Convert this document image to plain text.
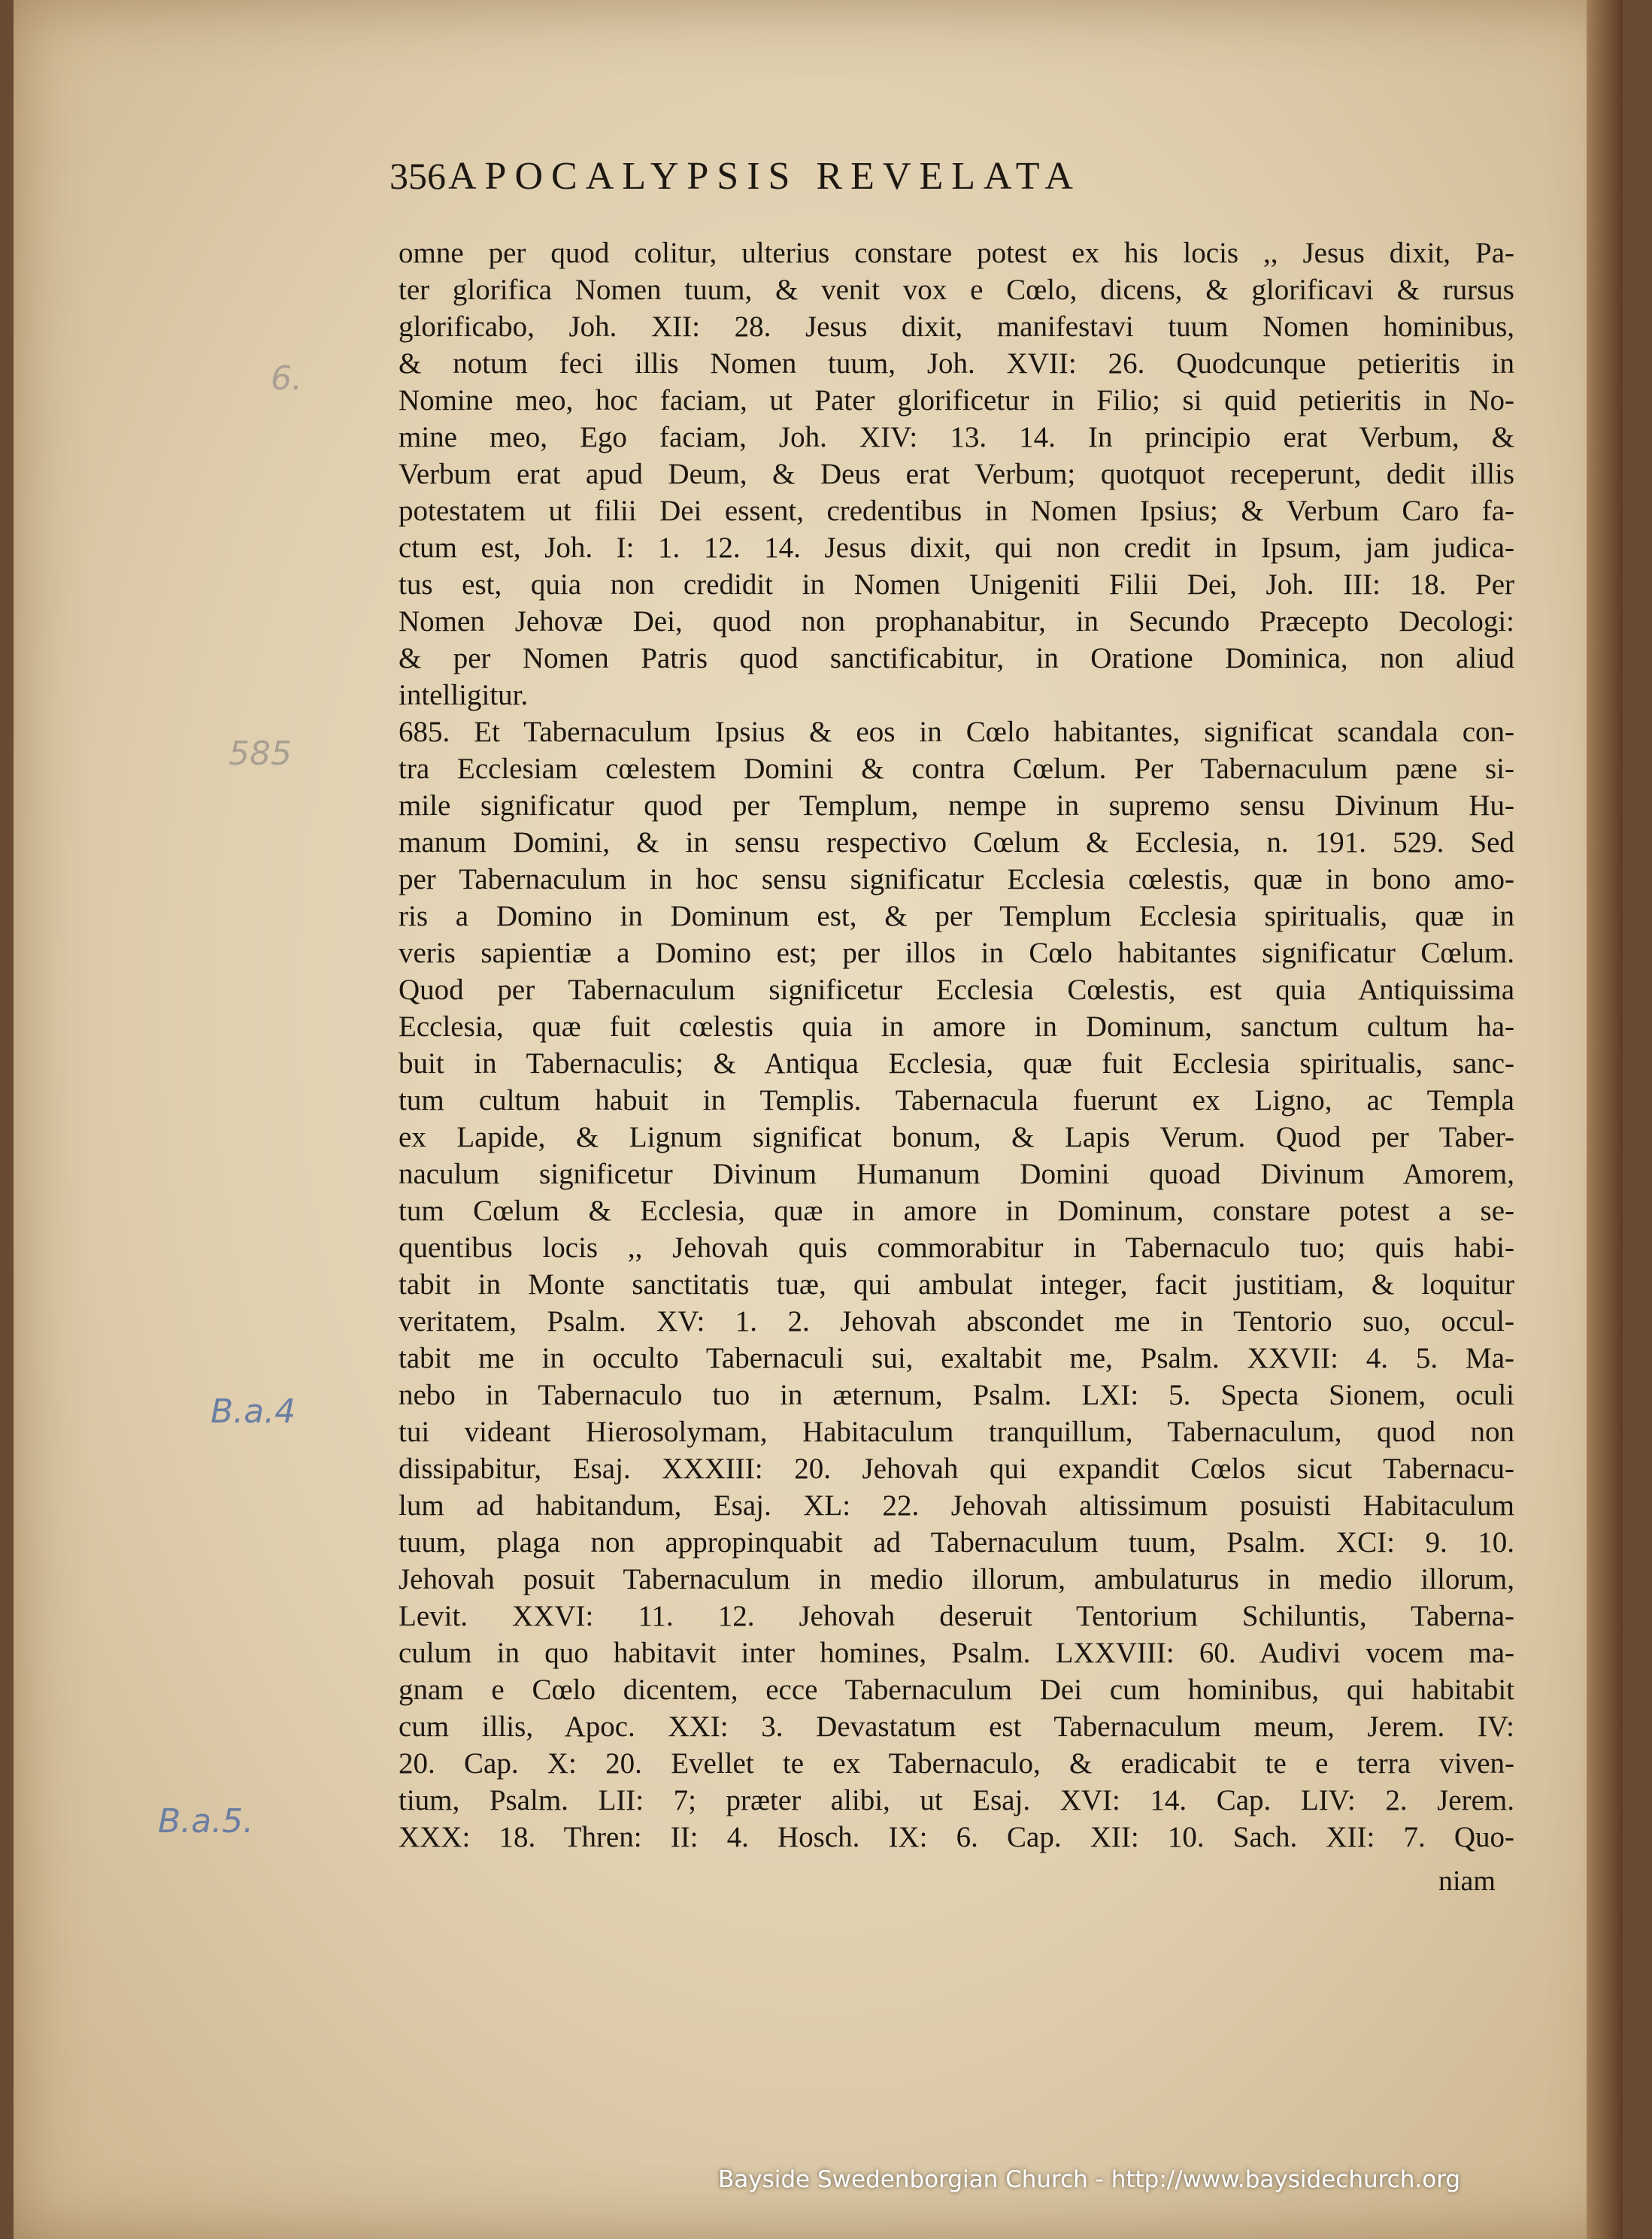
356 APOCALYPSIS REVELATA

omne per quod colitur, ulterius constare potest ex his locis ,, Jesus dixit, Pa-

ter glorifica Nomen tuum, & venit vox e Cœlo, dicens, & glorificavi & rursus

glorificabo, Joh. XII: 28. Jesus dixit, manifestavi tuum Nomen hominibus,

& notum feci illis Nomen tuum, Joh. XVII: 26. Quodcunque petieritis in

Nomine meo, hoc faciam, ut Pater glorificetur in Filio; si quid petieritis in No-

mine meo, Ego faciam, Joh. XIV: 13. 14. In principio erat Verbum, &

Verbum erat apud Deum, & Deus erat Verbum; quotquot receperunt, dedit illis

potestatem ut filii Dei essent, credentibus in Nomen Ipsius; & Verbum Caro fa-

ctum est, Joh. I: 1. 12. 14. Jesus dixit, qui non credit in Ipsum, jam judica-

tus est, quia non credidit in Nomen Unigeniti Filii Dei, Joh. III: 18. Per

Nomen Jehovæ Dei, quod non prophanabitur, in Secundo Præcepto Decologi:

& per Nomen Patris quod sanctificabitur, in Oratione Dominica, non aliud

intelligitur.

685. Et Tabernaculum Ipsius & eos in Cœlo habitantes, significat scandala con-

tra Ecclesiam cœlestem Domini & contra Cœlum. Per Tabernaculum pæne si-

mile significatur quod per Templum, nempe in supremo sensu Divinum Hu-

manum Domini, & in sensu respectivo Cœlum & Ecclesia, n. 191. 529. Sed

per Tabernaculum in hoc sensu significatur Ecclesia cœlestis, quæ in bono amo-

ris a Domino in Dominum est, & per Templum Ecclesia spiritualis, quæ in

veris sapientiæ a Domino est; per illos in Cœlo habitantes significatur Cœlum.

Quod per Tabernaculum significetur Ecclesia Cœlestis, est quia Antiquissima

Ecclesia, quæ fuit cœlestis quia in amore in Dominum, sanctum cultum ha-

buit in Tabernaculis; & Antiqua Ecclesia, quæ fuit Ecclesia spiritualis, sanc-

tum cultum habuit in Templis. Tabernacula fuerunt ex Ligno, ac Templa

ex Lapide, & Lignum significat bonum, & Lapis Verum. Quod per Taber-

naculum significetur Divinum Humanum Domini quoad Divinum Amorem,

tum Cœlum & Ecclesia, quæ in amore in Dominum, constare potest a se-

quentibus locis ,, Jehovah quis commorabitur in Tabernaculo tuo; quis habi-

tabit in Monte sanctitatis tuæ, qui ambulat integer, facit justitiam, & loquitur

veritatem, Psalm. XV: 1. 2. Jehovah abscondet me in Tentorio suo, occul-

tabit me in occulto Tabernaculi sui, exaltabit me, Psalm. XXVII: 4. 5. Ma-

nebo in Tabernaculo tuo in æternum, Psalm. LXI: 5. Specta Sionem, oculi

tui videant Hierosolymam, Habitaculum tranquillum, Tabernaculum, quod non

dissipabitur, Esaj. XXXIII: 20. Jehovah qui expandit Cœlos sicut Tabernacu-

lum ad habitandum, Esaj. XL: 22. Jehovah altissimum posuisti Habitaculum

tuum, plaga non appropinquabit ad Tabernaculum tuum, Psalm. XCI: 9. 10.

Jehovah posuit Tabernaculum in medio illorum, ambulaturus in medio illorum,

Levit. XXVI: 11. 12. Jehovah deseruit Tentorium Schiluntis, Taberna-

culum in quo habitavit inter homines, Psalm. LXXVIII: 60. Audivi vocem ma-

gnam e Cœlo dicentem, ecce Tabernaculum Dei cum hominibus, qui habitabit

cum illis, Apoc. XXI: 3. Devastatum est Tabernaculum meum, Jerem. IV:

20. Cap. X: 20. Evellet te ex Tabernaculo, & eradicabit te e terra viven-

tium, Psalm. LII: 7; præter alibi, ut Esaj. XVI: 14. Cap. LIV: 2. Jerem.

XXX: 18. Thren: II: 4. Hosch. IX: 6. Cap. XII: 10. Sach. XII: 7. Quo-

niam
6.
585
B.a.4
B.a.5.
Bayside Swedenborgian Church - http://www.baysidechurch.org
